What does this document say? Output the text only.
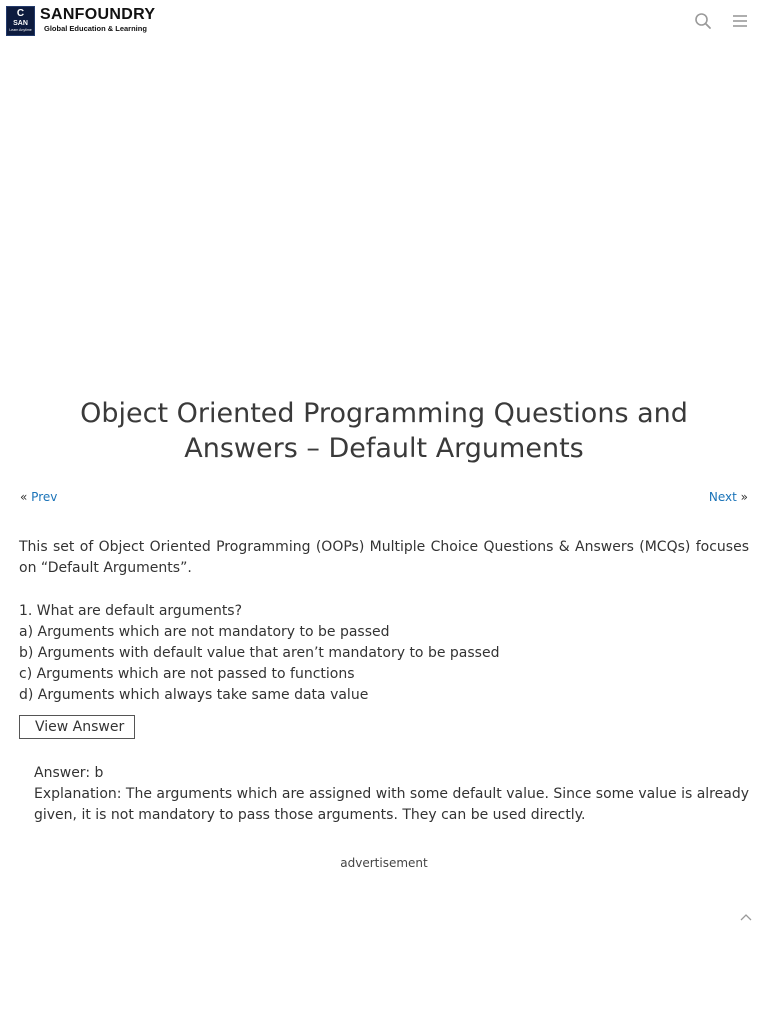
C
SAN
Learn Anytime
SANFOUNDRY
Global Education & Learning
Object Oriented Programming Questions and Answers – Default Arguments
« Prev	Next »

This set of Object Oriented Programming (OOPs) Multiple Choice Questions & Answers (MCQs) focuses on “Default Arguments”.

1. What are default arguments?
a) Arguments which are not mandatory to be passed
b) Arguments with default value that aren’t mandatory to be passed
c) Arguments which are not passed to functions
d) Arguments which always take same data value
View Answer
Answer: b
Explanation: The arguments which are assigned with some default value. Since some value is already given, it is not mandatory to pass those arguments. They can be used directly.
advertisement
